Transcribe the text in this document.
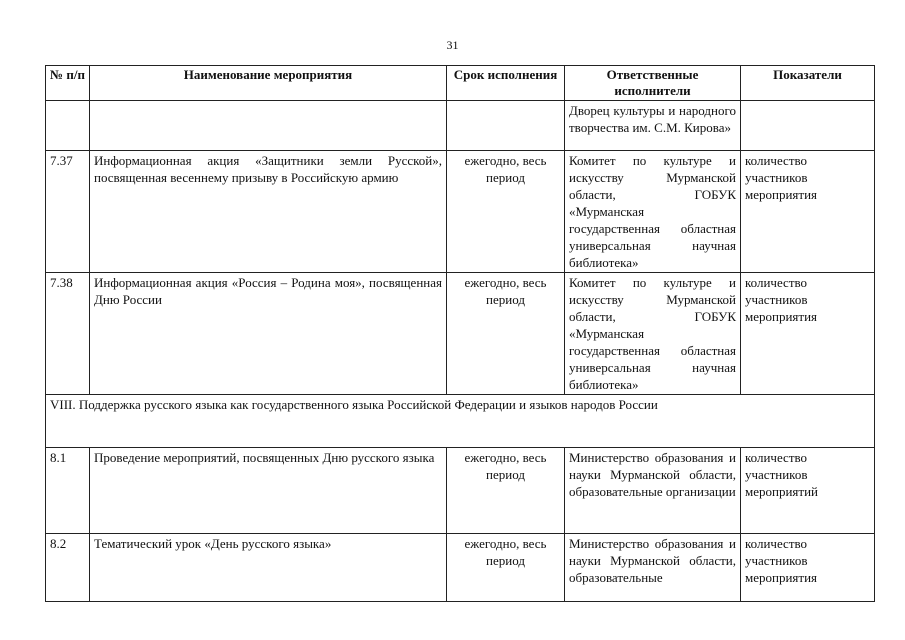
31
№ п/п	Наименование мероприятия	Срок исполнения	Ответственные исполнители	Показатели
			Дворец культуры и народного творчества им. С.М. Кирова»	
7.37	Информационная акция «Защитники земли Русской», посвященная весеннему призыву в Российскую армию	ежегодно, весь период	Комитет по культуре и искусству Мурманской области, ГОБУК «Мурманская государственная областная универсальная научная библиотека»	количество участников мероприятия
7.38	Информационная акция «Россия – Родина моя», посвященная Дню России	ежегодно, весь период	Комитет по культуре и искусству Мурманской области, ГОБУК «Мурманская государственная областная универсальная научная библиотека»	количество участников мероприятия
VIII. Поддержка русского языка как государственного языка Российской Федерации и языков народов России				
8.1	Проведение мероприятий, посвященных Дню русского языка	ежегодно, весь период	Министерство образования и науки Мурманской области, образовательные организации	количество участников мероприятий
8.2	Тематический урок «День русского языка»	ежегодно, весь период	Министерство образования и науки Мурманской области, образовательные	количество участников мероприятия
